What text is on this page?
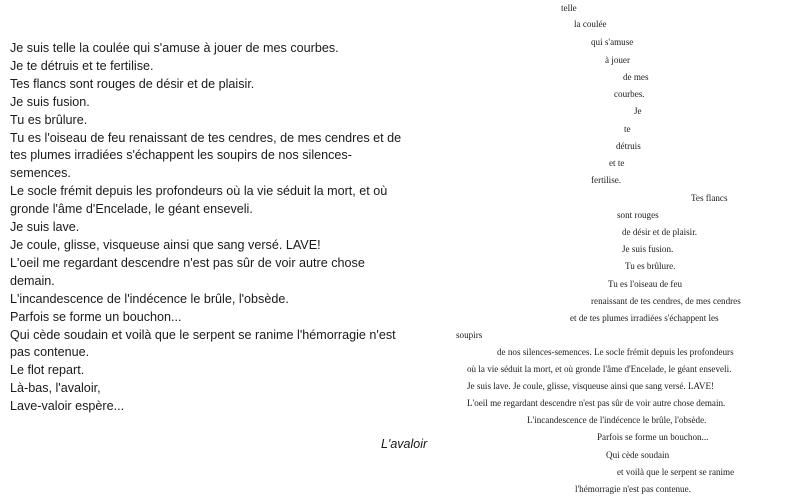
Je suis telle la coulée qui s'amuse à jouer de mes courbes.
Je te détruis et te fertilise.
Tes flancs sont rouges de désir et de plaisir.
Je suis fusion.
Tu es brûlure.
Tu es l'oiseau de feu renaissant de tes cendres, de mes cendres et de
tes plumes irradiées s'échappent les soupirs de nos silences-
semences.
Le socle frémit depuis les profondeurs où la vie séduit la mort, et où
gronde l'âme d'Encelade, le géant enseveli.
Je suis lave.
Je coule, glisse, visqueuse ainsi que sang versé. LAVE!
L'oeil me regardant descendre n'est pas sûr de voir autre chose
demain.
L'incandescence de l'indécence le brûle, l'obsède.
Parfois se forme un bouchon...
Qui cède soudain et voilà que le serpent se ranime l'hémorragie n'est
pas contenue.
Le flot repart.
Là-bas, l'avaloir,
Lave-valoir espère...
L'avaloir
telle
la coulée
qui s'amuse
à jouer
de mes
courbes.
Je
te
détruis
et te
fertilise.
Tes flancs
sont rouges
de désir et de plaisir.
Je suis fusion.
Tu es brûlure.
Tu es l'oiseau de feu
renaissant de tes cendres, de mes cendres
et de tes plumes irradiées s'échappent les
soupirs
de nos silences-semences. Le socle frémit depuis les profondeurs
où la vie séduit la mort, et où gronde l'âme d'Encelade, le géant enseveli.
Je suis lave. Je coule, glisse, visqueuse ainsi que sang versé. LAVE!
L'oeil me regardant descendre n'est pas sûr de voir autre chose demain.
L'incandescence de l'indécence le brûle, l'obsède.
Parfois se forme un bouchon...
Qui cède soudain
et voilà que le serpent se ranime
l'hémorragie n'est pas contenue.
